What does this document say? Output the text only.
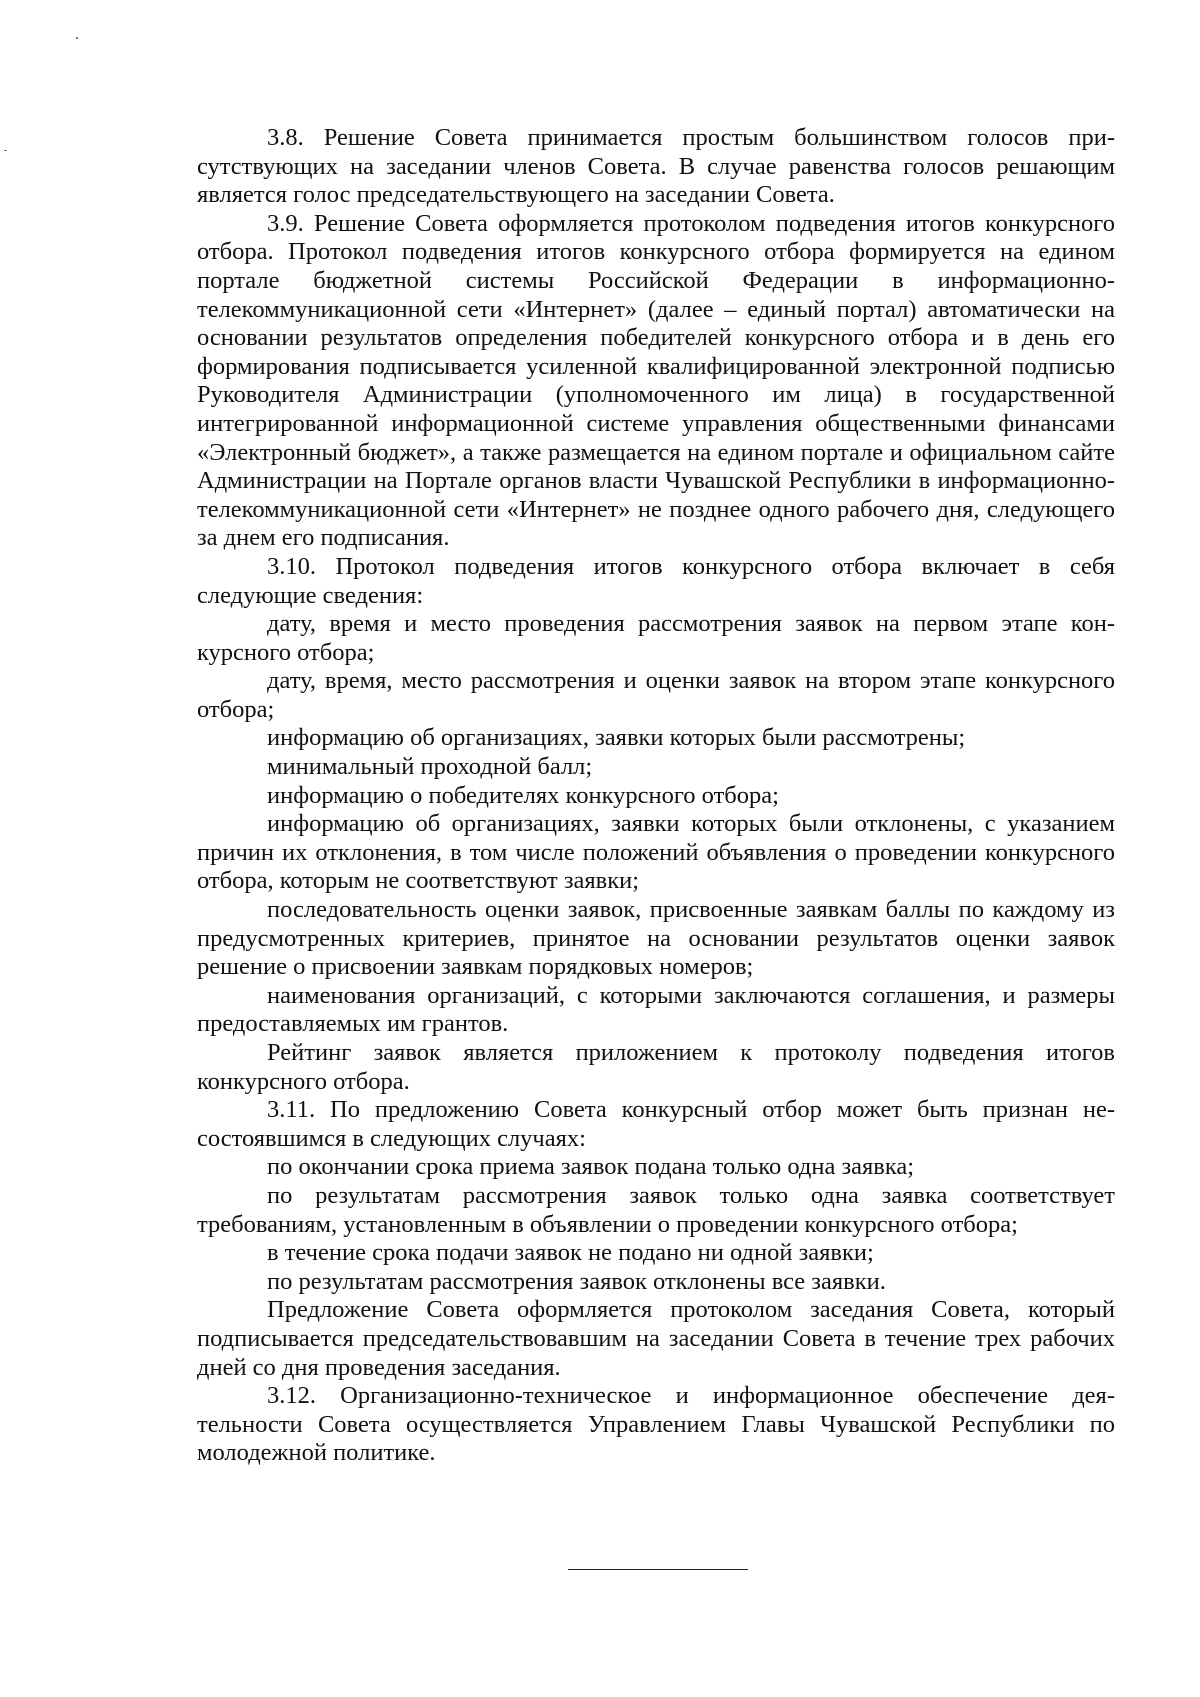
3.8. Решение Совета принимается простым большинством голосов присутствующих на заседании членов Совета. В случае равенства голосов решающим является голос председательствующего на заседании Совета.

3.9. Решение Совета оформляется протоколом подведения итогов конкурсного отбора. Протокол подведения итогов конкурсного отбора формируется на едином портале бюджетной системы Российской Федерации в информационно-телекоммуникационной сети «Интернет» (далее – единый портал) автоматически на основании результатов определения победителей конкурсного отбора и в день его формирования подписывается усиленной квалифицированной электронной подписью Руководителя Администрации (уполномоченного им лица) в государственной интегрированной информационной системе управления общественными финансами «Электронный бюджет», а также размещается на едином портале и официальном сайте Администрации на Портале органов власти Чувашской Республики в информационно-телекоммуникационной сети «Интернет» не позднее одного рабочего дня, следующего за днем его подписания.

3.10. Протокол подведения итогов конкурсного отбора включает в себя следующие сведения:

дату, время и место проведения рассмотрения заявок на первом этапе конкурсного отбора;

дату, время, место рассмотрения и оценки заявок на втором этапе конкурсного отбора;

информацию об организациях, заявки которых были рассмотрены;

минимальный проходной балл;

информацию о победителях конкурсного отбора;

информацию об организациях, заявки которых были отклонены, с указанием причин их отклонения, в том числе положений объявления о проведении конкурсного отбора, которым не соответствуют заявки;

последовательность оценки заявок, присвоенные заявкам баллы по каждому из предусмотренных критериев, принятое на основании результатов оценки заявок решение о присвоении заявкам порядковых номеров;

наименования организаций, с которыми заключаются соглашения, и размеры предоставляемых им грантов.

Рейтинг заявок является приложением к протоколу подведения итогов конкурсного отбора.

3.11. По предложению Совета конкурсный отбор может быть признан несостоявшимся в следующих случаях:

по окончании срока приема заявок подана только одна заявка;

по результатам рассмотрения заявок только одна заявка соответствует требованиям, установленным в объявлении о проведении конкурсного отбора;

в течение срока подачи заявок не подано ни одной заявки;

по результатам рассмотрения заявок отклонены все заявки.

Предложение Совета оформляется протоколом заседания Совета, который подписывается председательствовавшим на заседании Совета в течение трех рабочих дней со дня проведения заседания.

3.12. Организационно-техническое и информационное обеспечение деятельности Совета осуществляется Управлением Главы Чувашской Республики по молодежной политике.
